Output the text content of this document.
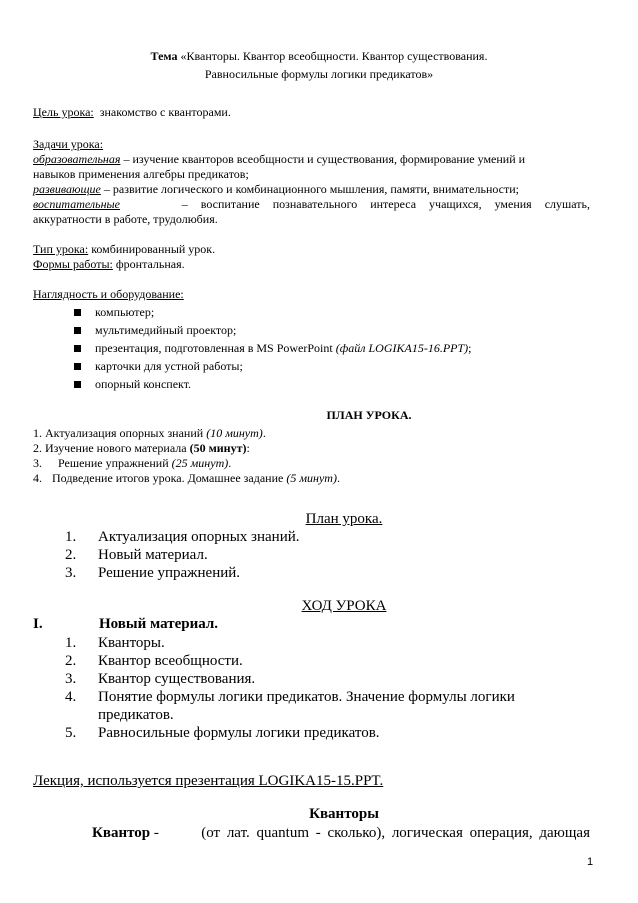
Тема «Кванторы. Квантор всеобщности. Квантор существования.
Равносильные формулы логики предикатов»
Цель урока: знакомство с кванторами.
Задачи урока:
образовательная – изучение кванторов всеобщности и существования, формирование умений и
навыков применения алгебры предикатов;
развивающие – развитие логического и комбинационного мышления, памяти, внимательности;
воспитательные	– воспитание познавательного интереса учащихся, умения слушать,
аккуратности в работе, трудолюбия.
Тип урока: комбинированный урок.
Формы работы: фронтальная.
Наглядность и оборудование:
компьютер;
мультимедийный проектор;
презентация, подготовленная в MS PowerPoint (файл LOGIKA15-16.PPT);
карточки для устной работы;
опорный конспект.
ПЛАН УРОКА.
1. Актуализация опорных знаний (10 минут).
2. Изучение нового материала (50 минут):
3. Решение упражнений (25 минут).
4. Подведение итогов урока. Домашнее задание (5 минут).
План урока.
1. Актуализация опорных знаний.
2. Новый материал.
3. Решение упражнений.
ХОД УРОКА
I.	Новый материал.
1. Кванторы.
2. Квантор всеобщности.
3. Квантор существования.
4. Понятие формулы логики предикатов. Значение формулы логики
предикатов.
5. Равносильные формулы логики предикатов.
Лекция, используется презентация LOGIKA15-15.PPT.
Кванторы
Квантор -	(от лат. quantum - сколько), логическая операция, дающая
1
